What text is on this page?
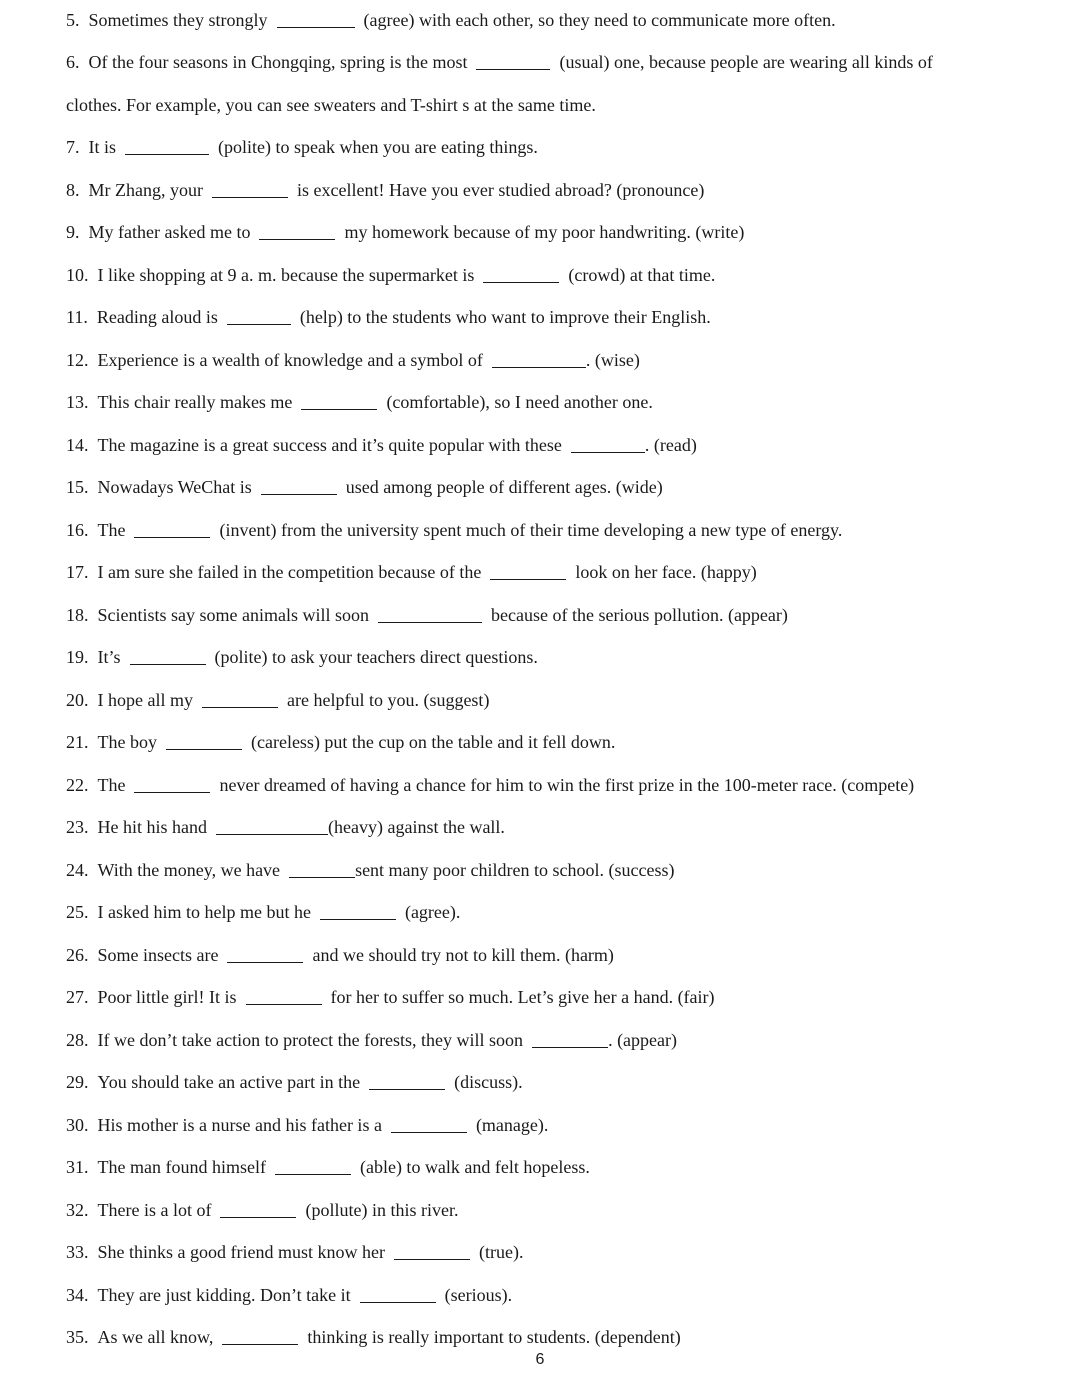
5. Sometimes they strongly	(agree) with each other, so they need to communicate more often.
6. Of the four seasons in Chongqing, spring is the most	(usual) one, because people are wearing all kinds of
clothes. For example, you can see sweaters and T-shirt s at the same time.
7. It is	(polite) to speak when you are eating things.
8. Mr Zhang, your	is excellent! Have you ever studied abroad? (pronounce)
9. My father asked me to	my homework because of my poor handwriting. (write)
10. I like shopping at 9 a. m. because the supermarket is	(crowd) at that time.
11. Reading aloud is	(help) to the students who want to improve their English.
12. Experience is a wealth of knowledge and a symbol of	. (wise)
13. This chair really makes me	(comfortable), so I need another one.
14. The magazine is a great success and it’s quite popular with these	. (read)
15. Nowadays WeChat is	used among people of different ages. (wide)
16. The	(invent) from the university spent much of their time developing a new type of energy.
17. I am sure she failed in the competition because of the	look on her face. (happy)
18. Scientists say some animals will soon	because of the serious pollution. (appear)
19. It’s	(polite) to ask your teachers direct questions.
20. I hope all my	are helpful to you. (suggest)
21. The boy	(careless) put the cup on the table and it fell down.
22. The	never dreamed of having a chance for him to win the first prize in the 100-meter race. (compete)
23. He hit his hand	(heavy) against the wall.
24. With the money, we have	sent many poor children to school. (success)
25. I asked him to help me but he	(agree).
26. Some insects are	and we should try not to kill them. (harm)
27. Poor little girl! It is	for her to suffer so much. Let’s give her a hand. (fair)
28. If we don’t take action to protect the forests, they will soon	. (appear)
29. You should take an active part in the	(discuss).
30. His mother is a nurse and his father is a	(manage).
31. The man found himself	(able) to walk and felt hopeless.
32. There is a lot of	(pollute) in this river.
33. She thinks a good friend must know her	(true).
34. They are just kidding. Don’t take it	(serious).
35. As we all know,	thinking is really important to students. (dependent)
6
